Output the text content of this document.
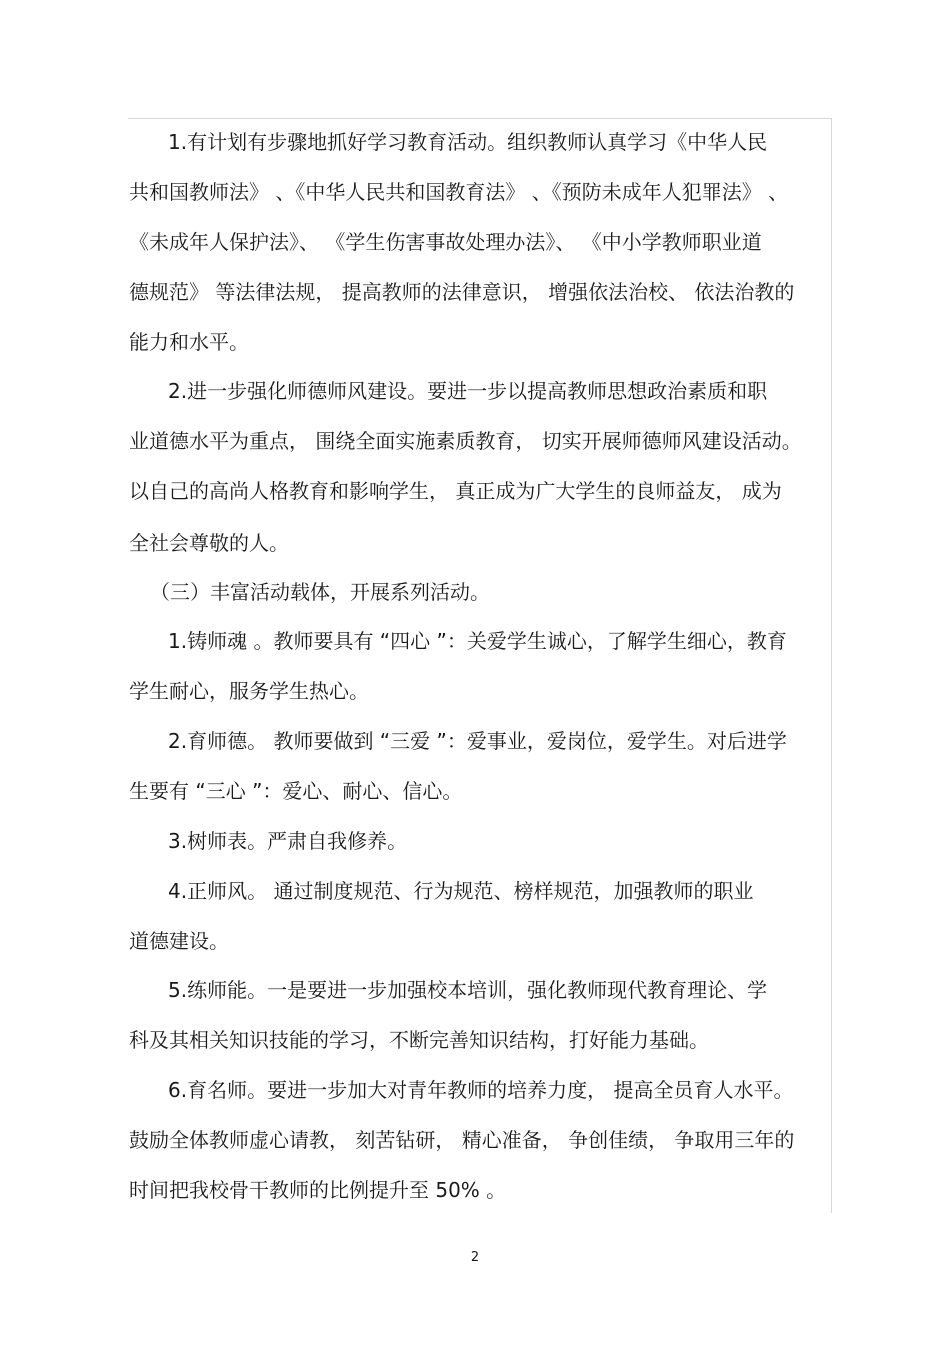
1.有计划有步骤地抓好学习教育活动。组织教师认真学习《中华人民
共和国教师法》 、《中华人民共和国教育法》 、《预防未成年人犯罪法》 、
《未成年人保护法》、 《学生伤害事故处理办法》、 《中小学教师职业道
德规范》 等法律法规， 提高教师的法律意识， 增强依法治校、 依法治教的
能力和水平。
2.进一步强化师德师风建设。要进一步以提高教师思想政治素质和职
业道德水平为重点， 围绕全面实施素质教育， 切实开展师德师风建设活动。
以自己的高尚人格教育和影响学生， 真正成为广大学生的良师益友， 成为
全社会尊敬的人。
（三）丰富活动载体，开展系列活动。
1.铸师魂 。教师要具有 “四心 ”：关爱学生诚心，了解学生细心，教育
学生耐心，服务学生热心。
2.育师德。 教师要做到 “三爱 ”：爱事业，爱岗位，爱学生。对后进学
生要有 “三心 ”：爱心、耐心、信心。
3.树师表。严肃自我修养。
4.正师风。 通过制度规范、行为规范、榜样规范，加强教师的职业
道德建设。
5.练师能。一是要进一步加强校本培训，强化教师现代教育理论、学
科及其相关知识技能的学习，不断完善知识结构，打好能力基础。
6.育名师。要进一步加大对青年教师的培养力度， 提高全员育人水平。
鼓励全体教师虚心请教， 刻苦钻研， 精心准备， 争创佳绩， 争取用三年的
时间把我校骨干教师的比例提升至 50% 。
2
